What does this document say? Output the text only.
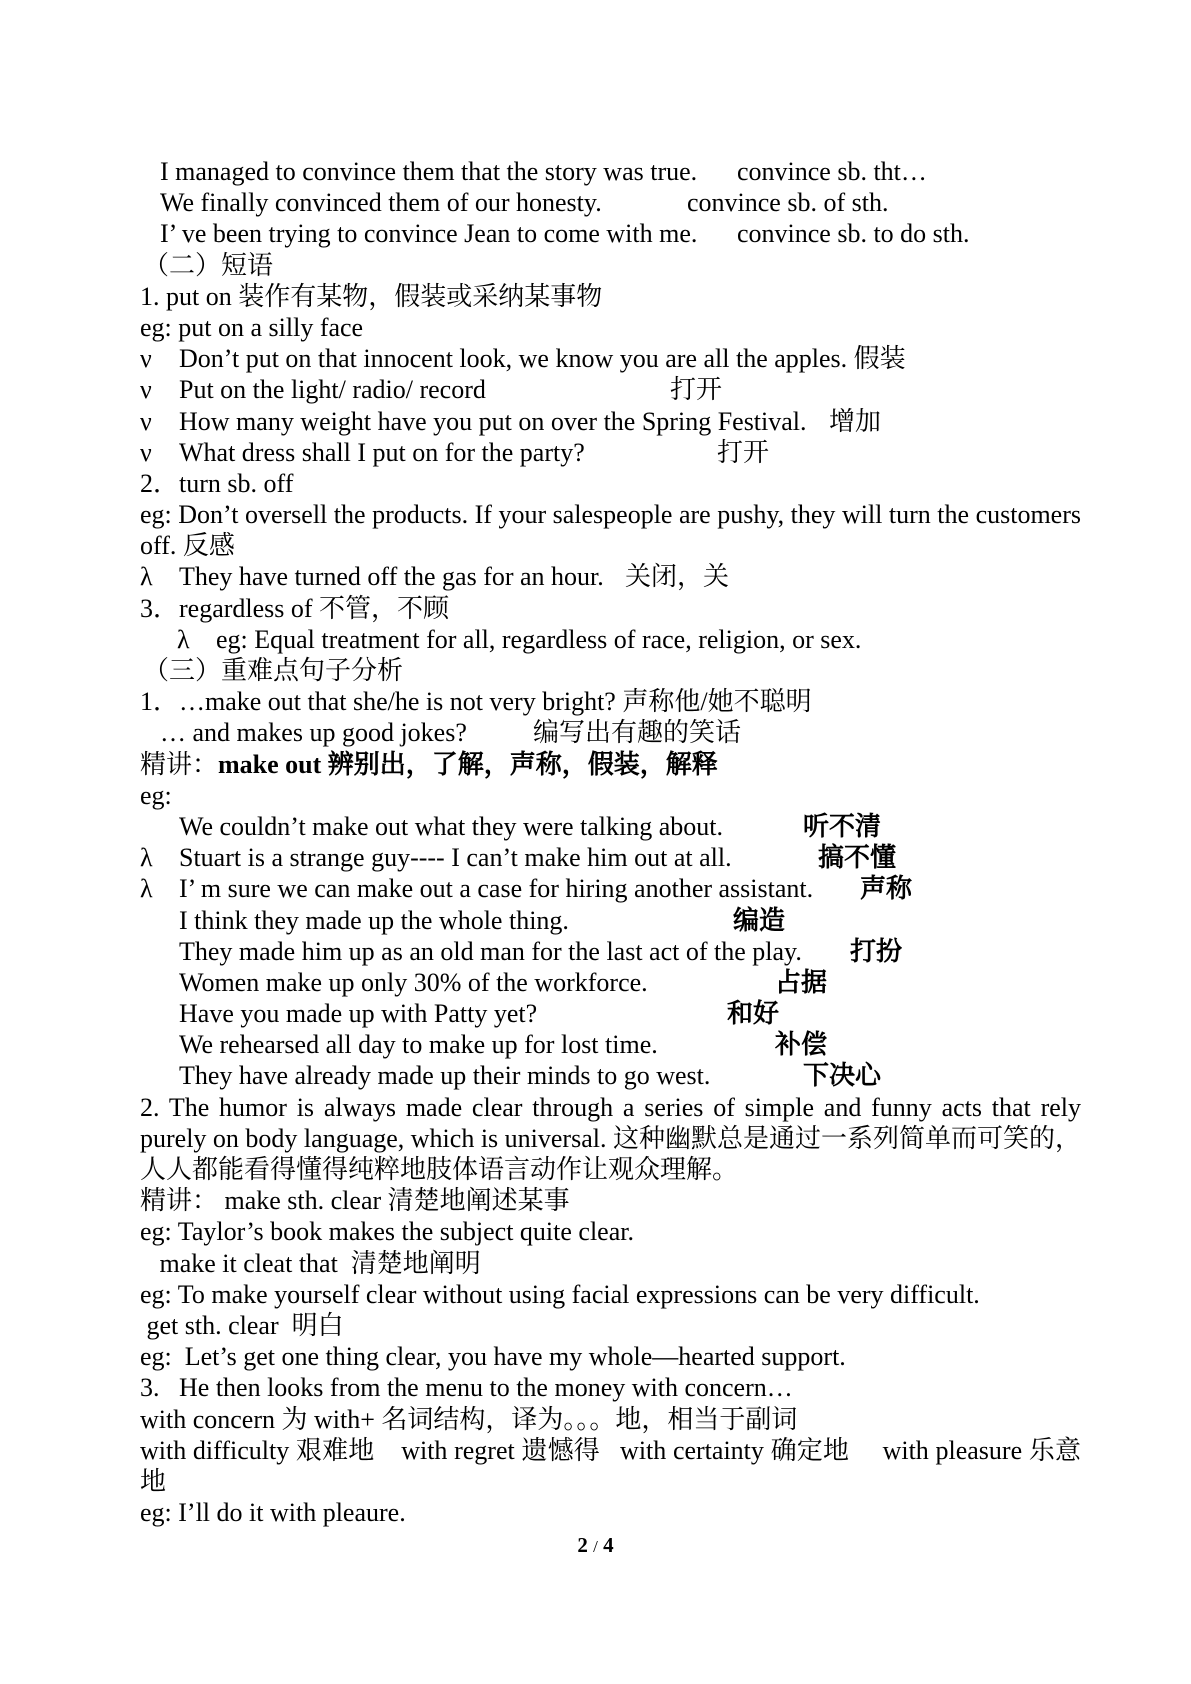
I managed to convince them that the story was true. convince sb. tht…
We finally convinced them of our honesty.	convince sb. of sth.
I’ ve been trying to convince Jean to come with me. convince sb. to do sth.
（二）短语
1. put on 装作有某物，假装或采纳某事物
eg: put on a silly face
ν Don’t put on that innocent look, we know you are all the apples. 假装
ν Put on the light/ radio/ record	打开
ν How many weight have you put on over the Spring Festival. 增加
ν What dress shall I put on for the party?	打开
2．turn sb. off
eg: Don’t oversell the products. If your salespeople are pushy, they will turn the customers off. 反感
λ They have turned off the gas for an hour. 关闭，关
3．regardless of 不管，不顾
λ
（三）重难点句子分析
1．…make out that she/he is not very bright? 声称他/她不聪明
… and makes up good jokes?	编写出有趣的笑话
精讲：make out 辨别出，了解，声称，假装，解释
eg:
We couldn’t make out what they were talking about.	听不清
λ Stuart is a strange guy---- I can’t make him out at all.	搞不懂
λ I’ m sure we can make out a case for hiring another assistant. 声称
I think they made up the whole thing.	编造
They made him up as an old man for the last act of the play. 打扮
Women make up only 30% of the workforce.	占据
Have you made up with Patty yet?	和好
We rehearsed all day to make up for lost time.	补偿
They have already made up their minds to go west.	下决心
2. The humor is always made clear through a series of simple and funny acts that rely purely on body language, which is universal. 这种幽默总是通过一系列简单而可笑的，人人都能看得懂得纯粹地肢体语言动作让观众理解。
精讲： make sth. clear 清楚地阐述某事
eg: Taylor’s book makes the subject quite clear.
make it cleat that  清楚地阐明
eg: To make yourself clear without using facial expressions can be very difficult.
get sth. clear  明白
eg:  Let’s get one thing clear, you have my whole—hearted support.
3.   He then looks from the menu to the money with concern…
with concern 为 with+ 名词结构，译为。。。地，相当于副词
with difficulty 艰难地    with regret 遗憾得   with certainty 确定地     with pleasure 乐意地
eg: I’ll do it with pleaure.
2 / 4
eg: Equal treatment for all, regardless of race, religion, or sex.
